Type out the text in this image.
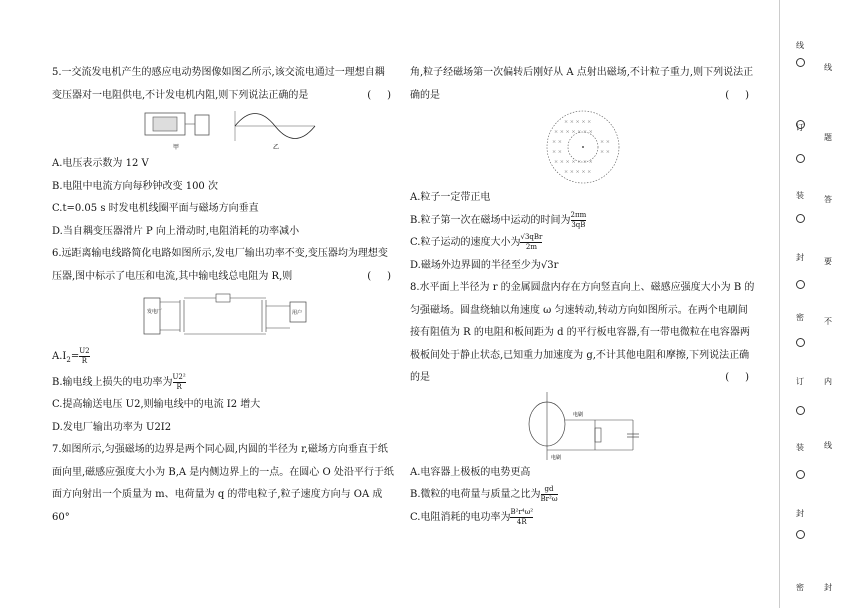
5.一交流发电机产生的感应电动势图像如图乙所示,该交流电通过一理想自耦

变压器对一电阻供电,不计发电机内阻,则下列说法正确的是	(     )

甲	乙

A.电压表示数为 12 V

B.电阻中电流方向每秒钟改变 100 次

C.t=0.05 s 时发电机线圈平面与磁场方向垂直

D.当自耦变压器滑片 P 向上滑动时,电阻消耗的功率减小

6.远距离输电线路简化电路如图所示,发电厂输出功率不变,变压器均为理想变

压器,图中标示了电压和电流,其中输电线总电阻为 R,则	(     )

发电厂	用户

$A.I_2= \frac{U2}{R}$

B.输电线上损失的电功率为 $\frac{\text{U2²}}{R}$

C.提高输送电压 U2,则输电线中的电流 I2 增大

D.发电厂输出功率为 U2I2

7.如图所示,匀强磁场的边界是两个同心圆,内圆的半径为 r,磁场方向垂直于纸

面向里,磁感应强度大小为 B,A 是内侧边界上的一点。在圆心 O 处沿平行于纸

面方向射出一个质量为 m、电荷量为 q 的带电粒子,粒子速度方向与 OA 成 60°

角,粒子经磁场第一次偏转后刚好从 A 点射出磁场,不计粒子重力,则下列说法正

确的是	(     )

× × × × ×
× × × × × × ×
× ×	× ×
× ×	× ×
× × × × × × ×
× × × × ×

A.粒子一定带正电

B.粒子第一次在磁场中运动的时间为 $\frac{2\pi m}{3qB}$

C.粒子运动的速度大小为 $\frac{\text{√3qBr}}{2m}$

D.磁场外边界圆的半径至少为√3r

8.水平面上半径为 r 的金属圆盘内存在方向竖直向上、磁感应强度大小为 B 的

匀强磁场。圆盘绕轴以角速度 ω 匀速转动,转动方向如图所示。在两个电刷间

接有阻值为 R 的电阻和板间距为 d 的平行板电容器,有一带电微粒在电容器两

极板间处于静止状态,已知重力加速度为 g,不计其他电阻和摩擦,下列说法正确

的是	(     )

电刷
电刷

A.电容器上极板的电势更高

B.微粒的电荷量与质量之比为 $\frac{gd}{\text{Br²ω}}$

C.电阻消耗的电功率为 $\frac{\text{B²r⁴ω²}}{4R}$

线
题
答
要
不
内
线
封
订
装
封
密
订
装
封
密
线
